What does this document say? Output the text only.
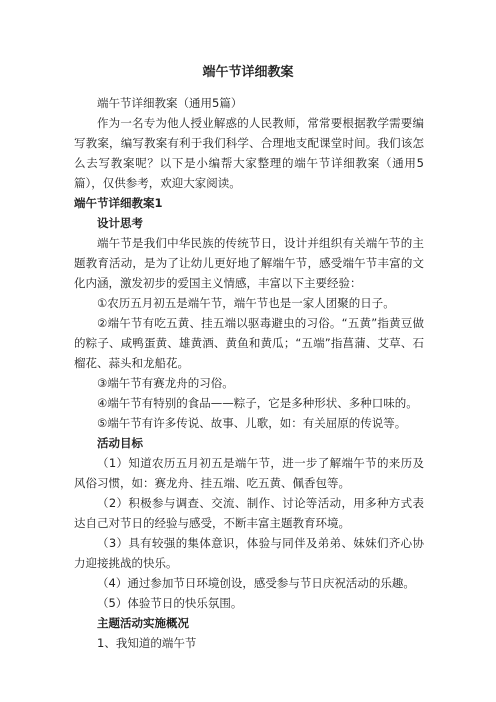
端午节详细教案

端午节详细教案（通用5篇）

作为一名专为他人授业解惑的人民教师，常常要根据教学需要编写教案，编写教案有利于我们科学、合理地支配课堂时间。我们该怎么去写教案呢？以下是小编帮大家整理的端午节详细教案（通用5篇），仅供参考，欢迎大家阅读。

端午节详细教案1

设计思考

端午节是我们中华民族的传统节日，设计并组织有关端午节的主题教育活动，是为了让幼儿更好地了解端午节，感受端午节丰富的文化内涵，激发初步的爱国主义情感，丰富以下主要经验：

①农历五月初五是端午节，端午节也是一家人团聚的日子。

②端午节有吃五黄、挂五端以驱毒避虫的习俗。“五黄”指黄豆做的粽子、咸鸭蛋黄、雄黄酒、黄鱼和黄瓜；“五端”指菖蒲、艾草、石榴花、蒜头和龙船花。

③端午节有赛龙舟的习俗。

④端午节有特别的食品——粽子，它是多种形状、多种口味的。

⑤端午节有许多传说、故事、儿歌，如：有关屈原的传说等。

活动目标

（1）知道农历五月初五是端午节，进一步了解端午节的来历及风俗习惯，如：赛龙舟、挂五端、吃五黄、佩香包等。

（2）积极参与调查、交流、制作、讨论等活动，用多种方式表达自己对节日的经验与感受，不断丰富主题教育环境。

（3）具有较强的集体意识，体验与同伴及弟弟、妹妹们齐心协力迎接挑战的快乐。

（4）通过参加节日环境创设，感受参与节日庆祝活动的乐趣。

（5）体验节日的快乐氛围。

主题活动实施概况

1、我知道的端午节
